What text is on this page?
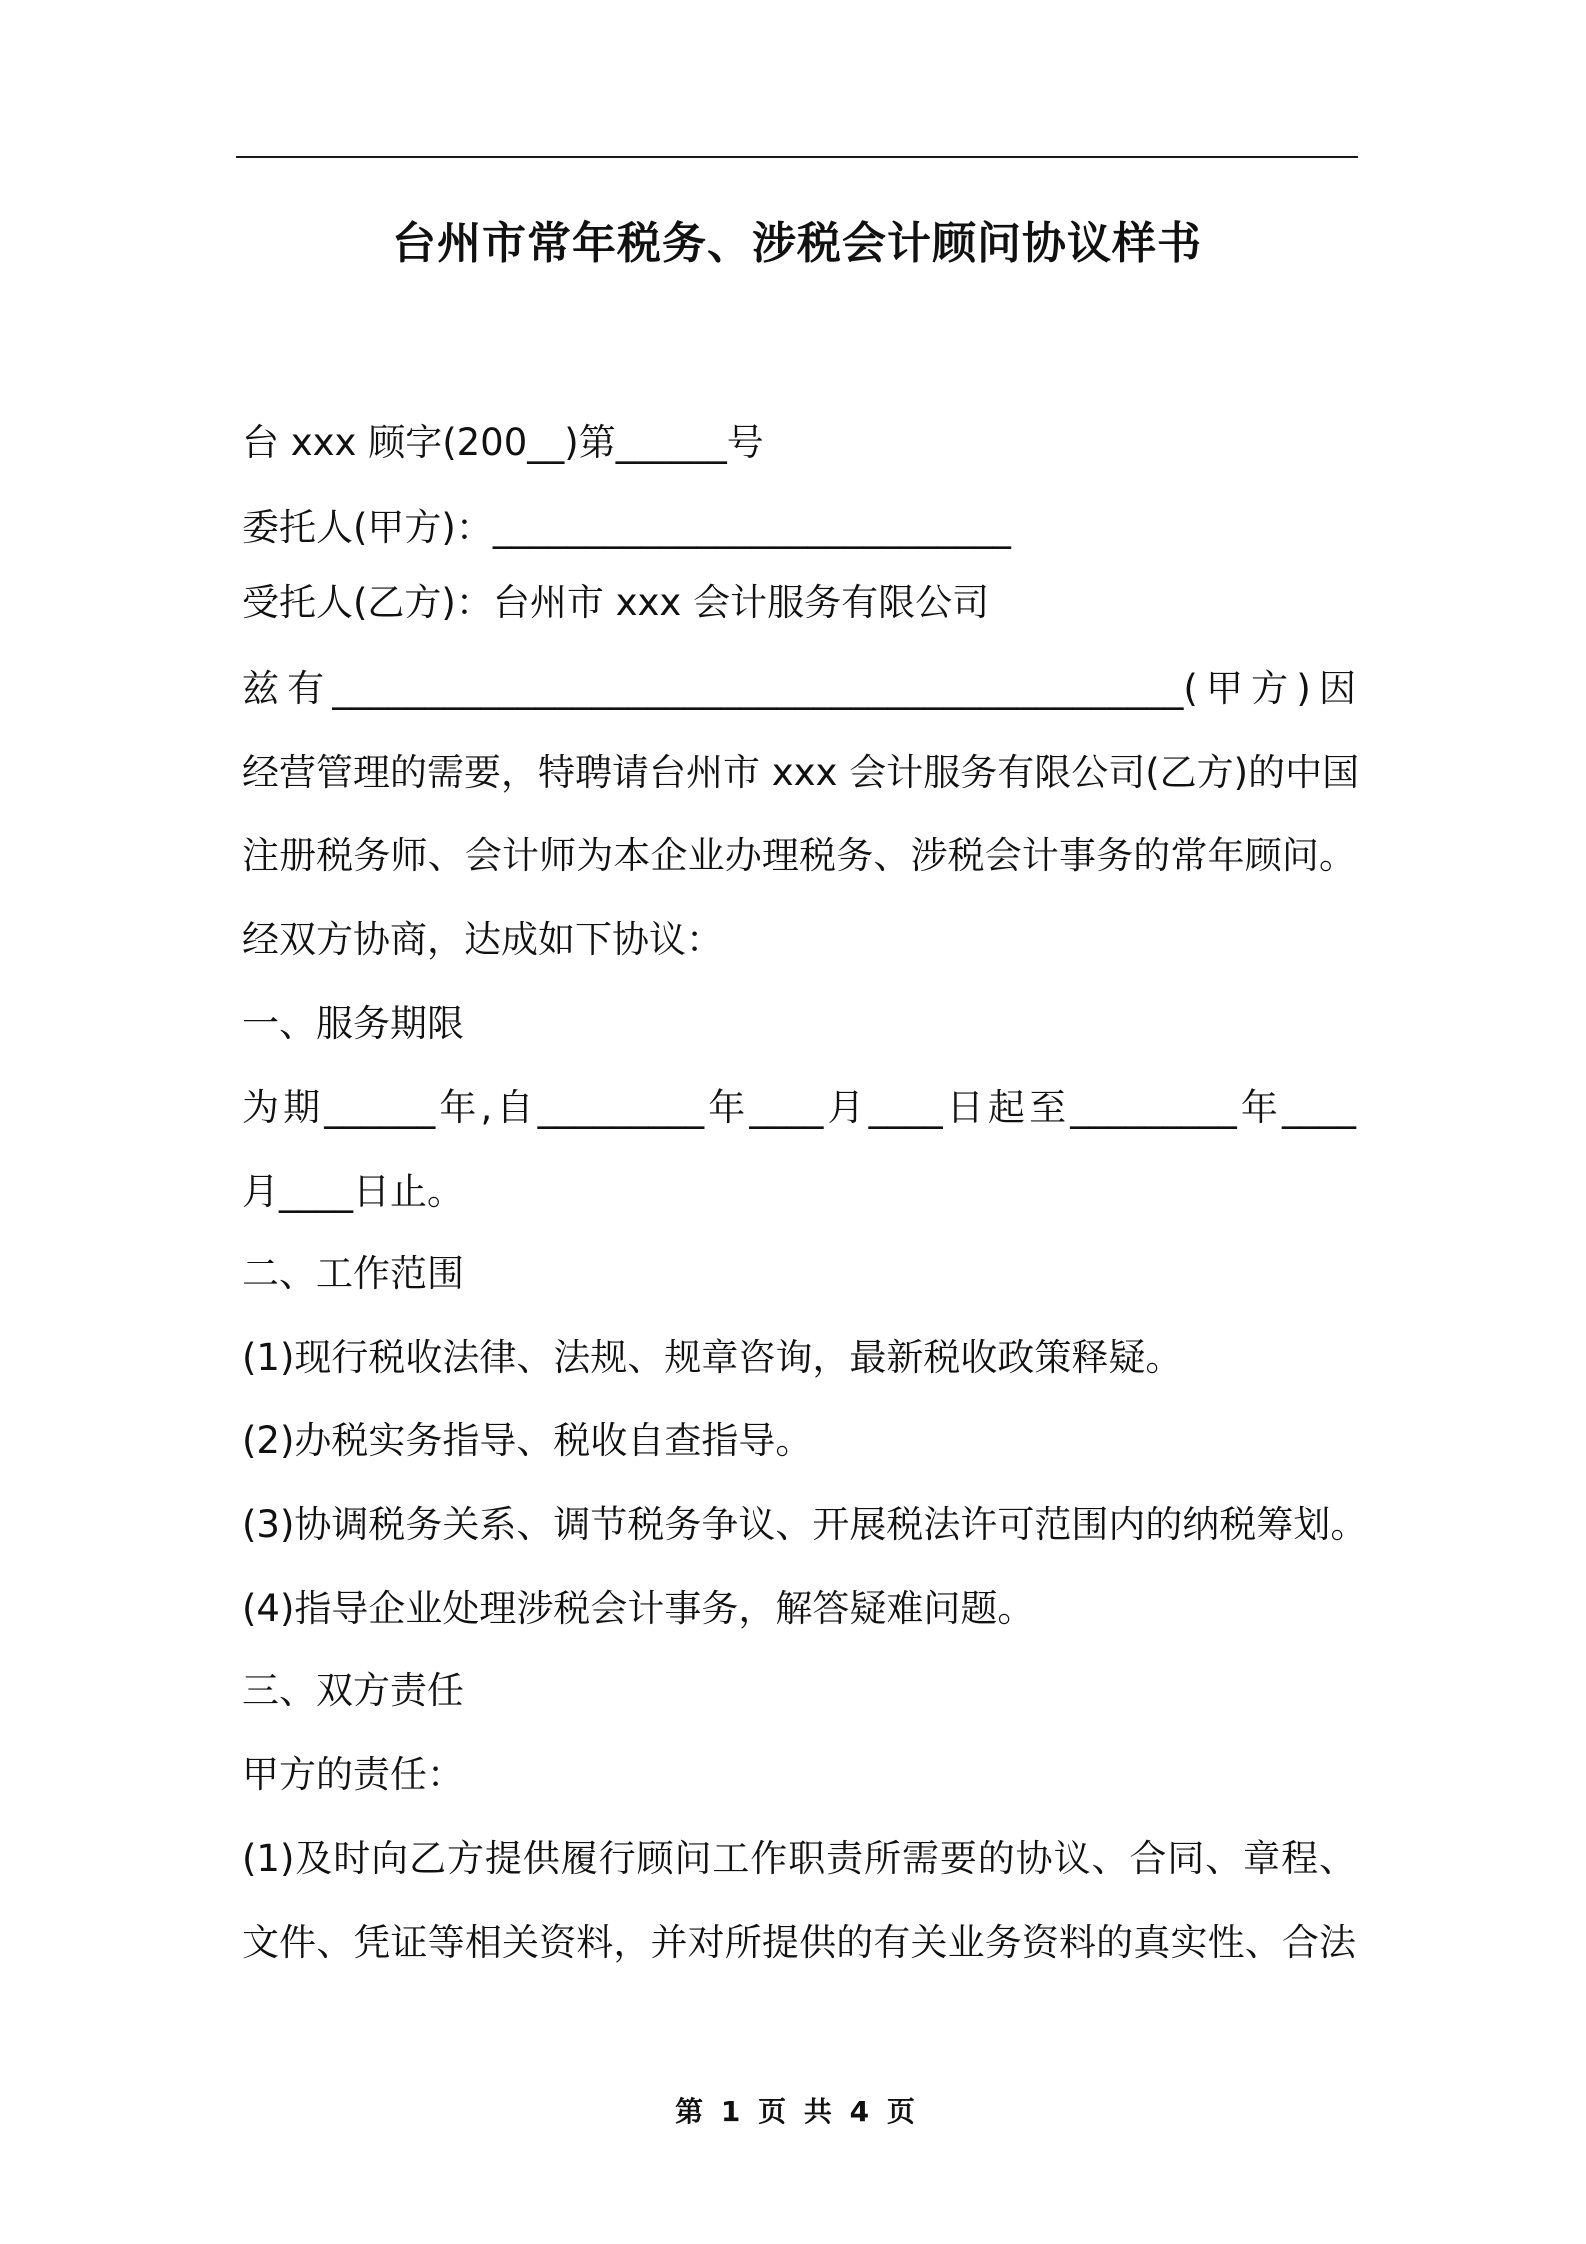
台州市常年税务、涉税会计顾问协议样书

台 xxx 顾字(200__)第______号

委托人(甲方)：____________________________

受托人(乙方)：台州市 xxx 会计服务有限公司

兹有______________________________________________(甲方)因

经营管理的需要，特聘请台州市 xxx 会计服务有限公司(乙方)的中国

注册税务师、会计师为本企业办理税务、涉税会计事务的常年顾问。

经双方协商，达成如下协议：

一、服务期限

为期______年,自_________年____月____日起至_________年____

月____日止。

二、工作范围

(1)现行税收法律、法规、规章咨询，最新税收政策释疑。

(2)办税实务指导、税收自查指导。

(3)协调税务关系、调节税务争议、开展税法许可范围内的纳税筹划。

(4)指导企业处理涉税会计事务，解答疑难问题。

三、双方责任

甲方的责任：

(1)及时向乙方提供履行顾问工作职责所需要的协议、合同、章程、

文件、凭证等相关资料，并对所提供的有关业务资料的真实性、合法

第 1 页 共 4 页
